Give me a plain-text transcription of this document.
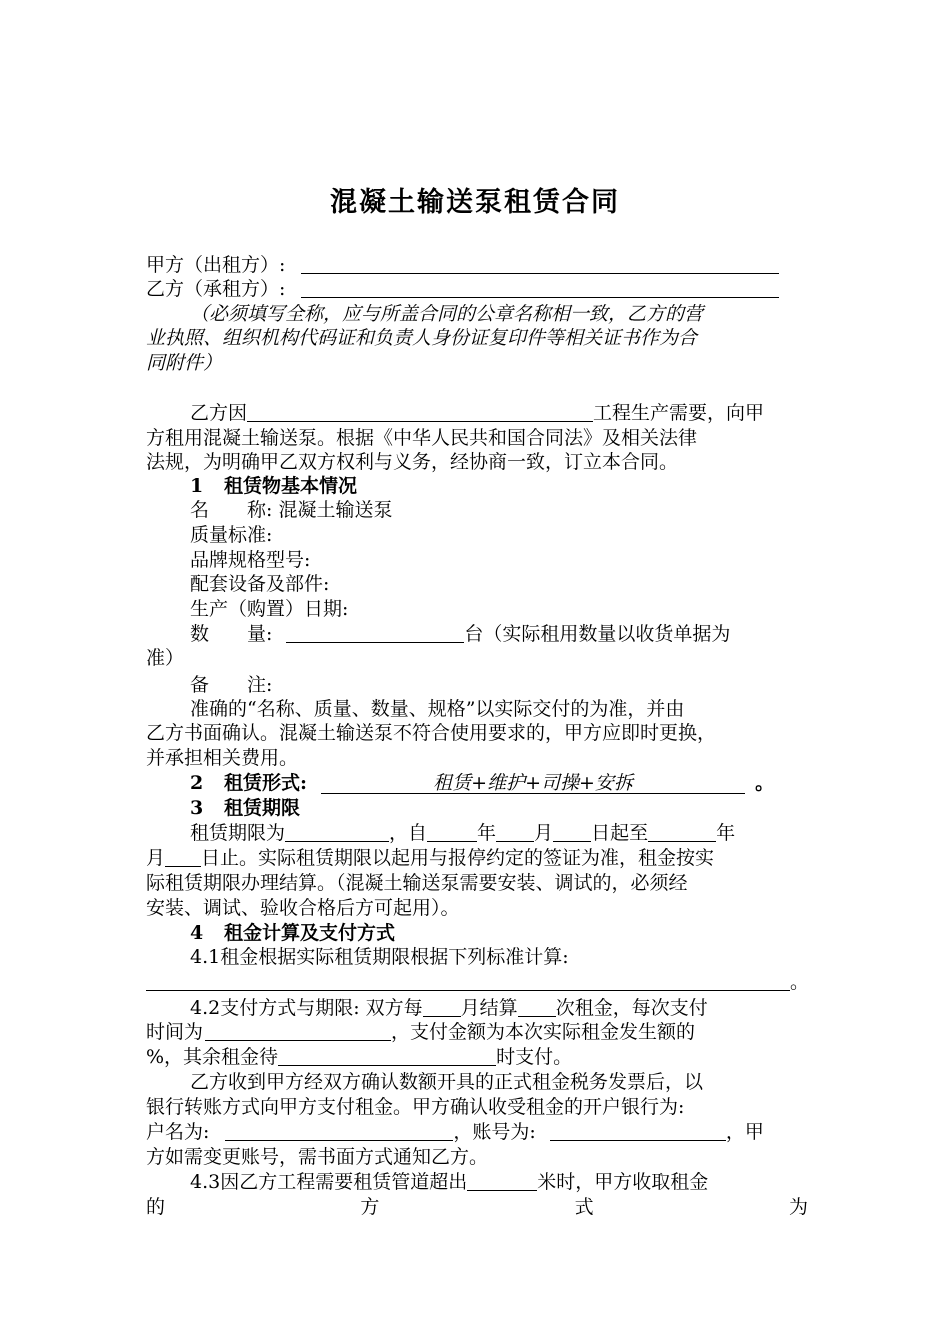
混凝土输送泵租赁合同
甲方（出租方）:
乙方（承租方）:
（必须填写全称，应与所盖合同的公章名称相一致，乙方的营
业执照、组织机构代码证和负责人身份证复印件等相关证书作为合
同附件）
乙方因	工程生产需要，向甲
方租用混凝土输送泵。根据《中华人民共和国合同法》及相关法律
法规，为明确甲乙双方权利与义务，经协商一致，订立本合同。
1 租赁物基本情况
名　　称: 混凝土输送泵
质量标准:
品牌规格型号:
配套设备及部件:
生产（购置）日期:
数　　量:	台（实际租用数量以收货单据为
准）
备　　注:
准确的“名称、质量、数量、规格”以实际交付的为准，并由
乙方书面确认。混凝土输送泵不符合使用要求的，甲方应即时更换，
并承担相关费用。
2 租赁形式:	租赁+维护+司操+安拆	。
3 租赁期限
租赁期限为	，自	年 月 日起至	年
月 日止。实际租赁期限以起用与报停约定的签证为准，租金按实
际租赁期限办理结算。（混凝土输送泵需要安装、调试的，必须经
安装、调试、验收合格后方可起用）。
4 租金计算及支付方式
4.1租金根据实际租赁期限根据下列标准计算:
。
4.2支付方式与期限: 双方每 月结算 次租金，每次支付
时间为	，支付金额为本次实际租金发生额的
%，其余租金待	时支付。
乙方收到甲方经双方确认数额开具的正式租金税务发票后，以
银行转账方式向甲方支付租金。甲方确认收受租金的开户银行为:
户名为:	，账号为:	，甲
方如需变更账号，需书面方式通知乙方。
4.3因乙方工程需要租赁管道超出	米时，甲方收取租金
的	方	式	为
